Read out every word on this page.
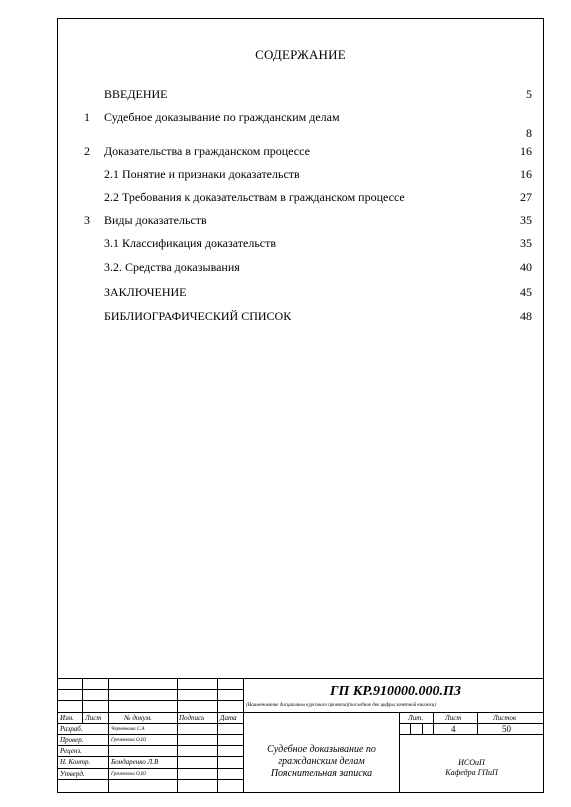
СОДЕРЖАНИЕ
ВВЕДЕНИЕ	5
1 Судебное доказывание по гражданским делам
8
2 Доказательства в гражданском процессе	16
2.1 Понятие и признаки доказательств	16
2.2 Требования к доказательствам в гражданском процессе	27
3 Виды доказательств	35
3.1 Классификация доказательств	35
3.2. Средства доказывания	40
ЗАКЛЮЧЕНИЕ	45
БИБЛИОГРАФИЧЕСКИЙ СПИСОК	48
Изм. Лист	№ докум.	Подпись Дата
Разраб.	Черненкова С.А
Провер.	Греченкова О.Ю
Реценз.
Н. Контр.	Бондаренко Л.В
Утверд.	Греченкова О.Ю
ГП КР.910000.000.ПЗ
(Наименование дисциплины курсового проекта)(последние две цифры зачетной книжки)
Судебное доказывание по
гражданским делам
Пояснительная записка
Лит.	Лист	Листов
4	50
ИСОиП
Кафедра ГПиП
